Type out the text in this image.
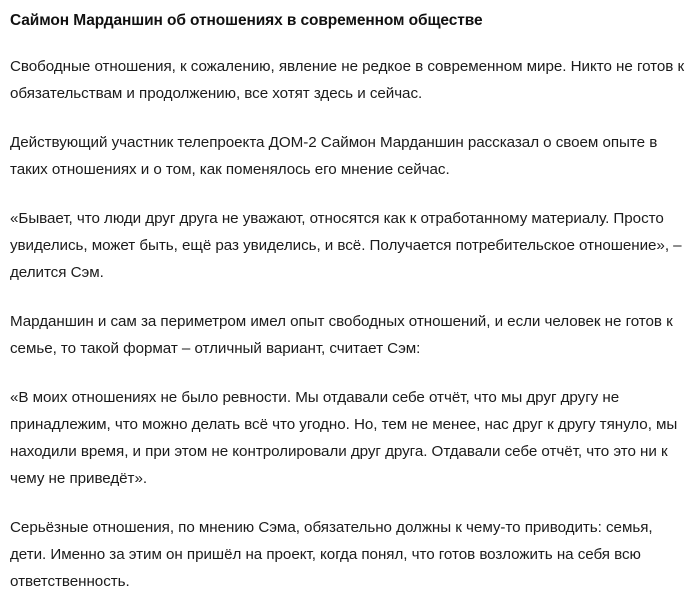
Саймон Марданшин об отношениях в современном обществе

Свободные отношения, к сожалению, явление не редкое в современном мире. Никто не готов к обязательствам и продолжению, все хотят здесь и сейчас.

Действующий участник телепроекта ДОМ-2 Саймон Марданшин рассказал о своем опыте в таких отношениях и о том, как поменялось его мнение сейчас.

«Бывает, что люди друг друга не уважают, относятся как к отработанному материалу. Просто увиделись, может быть, ещё раз увиделись, и всё. Получается потребительское отношение», – делится Сэм.

Марданшин и сам за периметром имел опыт свободных отношений, и если человек не готов к семье, то такой формат – отличный вариант, считает Сэм:

«В моих отношениях не было ревности. Мы отдавали себе отчёт, что мы друг другу не принадлежим, что можно делать всё что угодно. Но, тем не менее, нас друг к другу тянуло, мы находили время, и при этом не контролировали друг друга. Отдавали себе отчёт, что это ни к чему не приведёт».

Серьёзные отношения, по мнению Сэма, обязательно должны к чему-то приводить: семья, дети. Именно за этим он пришёл на проект, когда понял, что готов возложить на себя всю ответственность.
